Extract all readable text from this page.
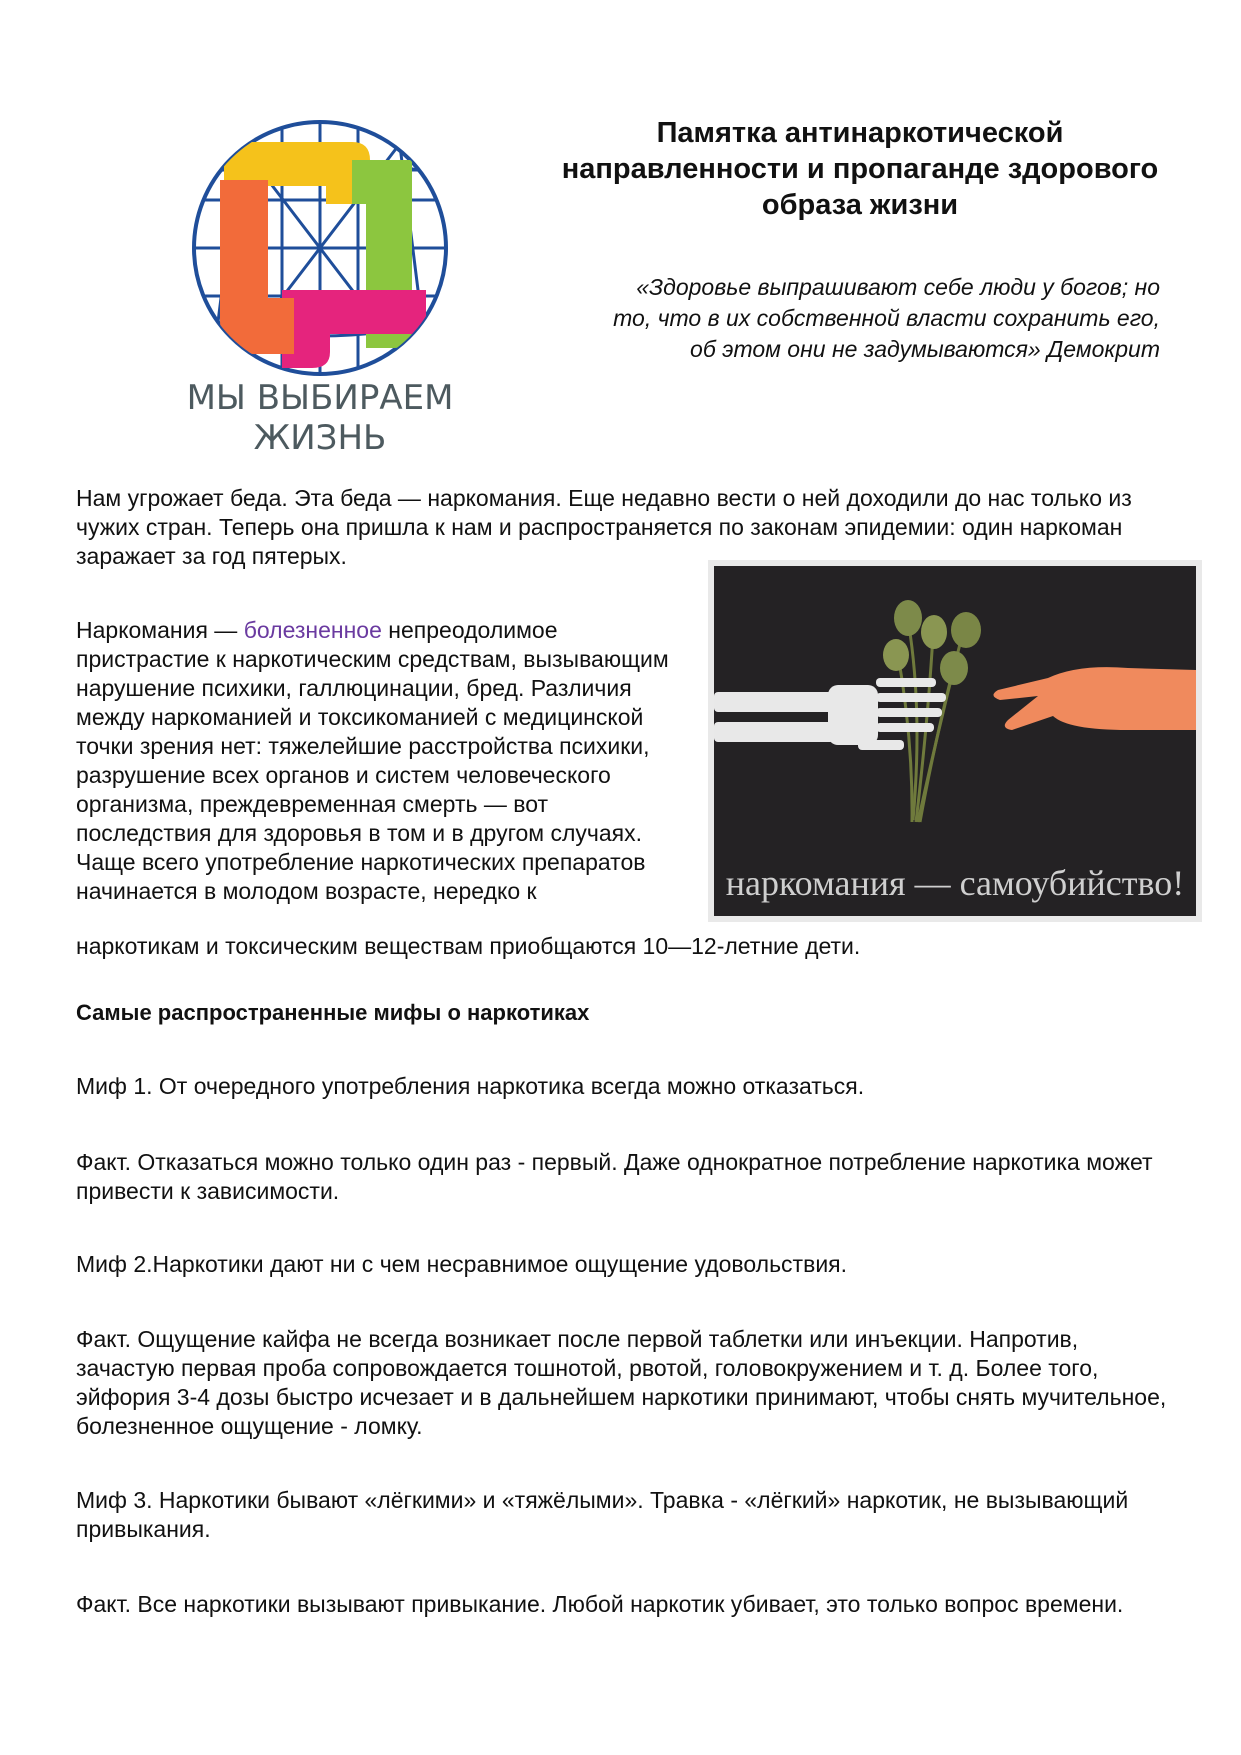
МЫ ВЫБИРАЕМ ЖИЗНЬ
Памятка антинаркотической направленности и пропаганде здорового образа жизни

«Здоровье выпрашивают себе люди у богов; но
то, что в их собственной власти сохранить его,
об этом они не задумываются» Демокрит

Нам угрожает беда. Эта беда — наркомания. Еще недавно вести о ней доходили до нас только из чужих стран. Теперь она пришла к нам и распространяется по законам эпидемии: один наркоман заражает за год пятерых.

Наркомания — болезненное непреодолимое пристрастие к наркотическим средствам, вызывающим нарушение психики, галлюцинации, бред. Различия между наркоманией и токсикоманией с медицинской точки зрения нет: тяжелейшие расстройства психики, разрушение всех органов и систем человеческого организма, преждевременная смерть — вот последствия для здоровья в том и в другом случаях. Чаще всего употребление наркотических препаратов начинается в молодом возрасте, нередко к

наркотикам и токсическим веществам приобщаются 10—12-летние дети.

наркомания — самоубийство!
Самые распространенные мифы о наркотиках

Миф 1. От очередного употребления наркотика всегда можно отказаться.

Факт. Отказаться можно только один раз - первый. Даже однократное потребление наркотика может привести к зависимости.

Миф 2.Наркотики дают ни с чем несравнимое ощущение удовольствия.

Факт. Ощущение кайфа не всегда возникает после первой таблетки или инъекции. Напротив, зачастую первая проба сопровождается тошнотой, рвотой, головокружением и т. д. Более того, эйфория 3-4 дозы быстро исчезает и в дальнейшем наркотики принимают, чтобы снять мучительное, болезненное ощущение - ломку.

Миф 3. Наркотики бывают «лёгкими» и «тяжёлыми». Травка - «лёгкий» наркотик, не вызывающий привыкания.

Факт. Все наркотики вызывают привыкание. Любой наркотик убивает, это только вопрос времени.
